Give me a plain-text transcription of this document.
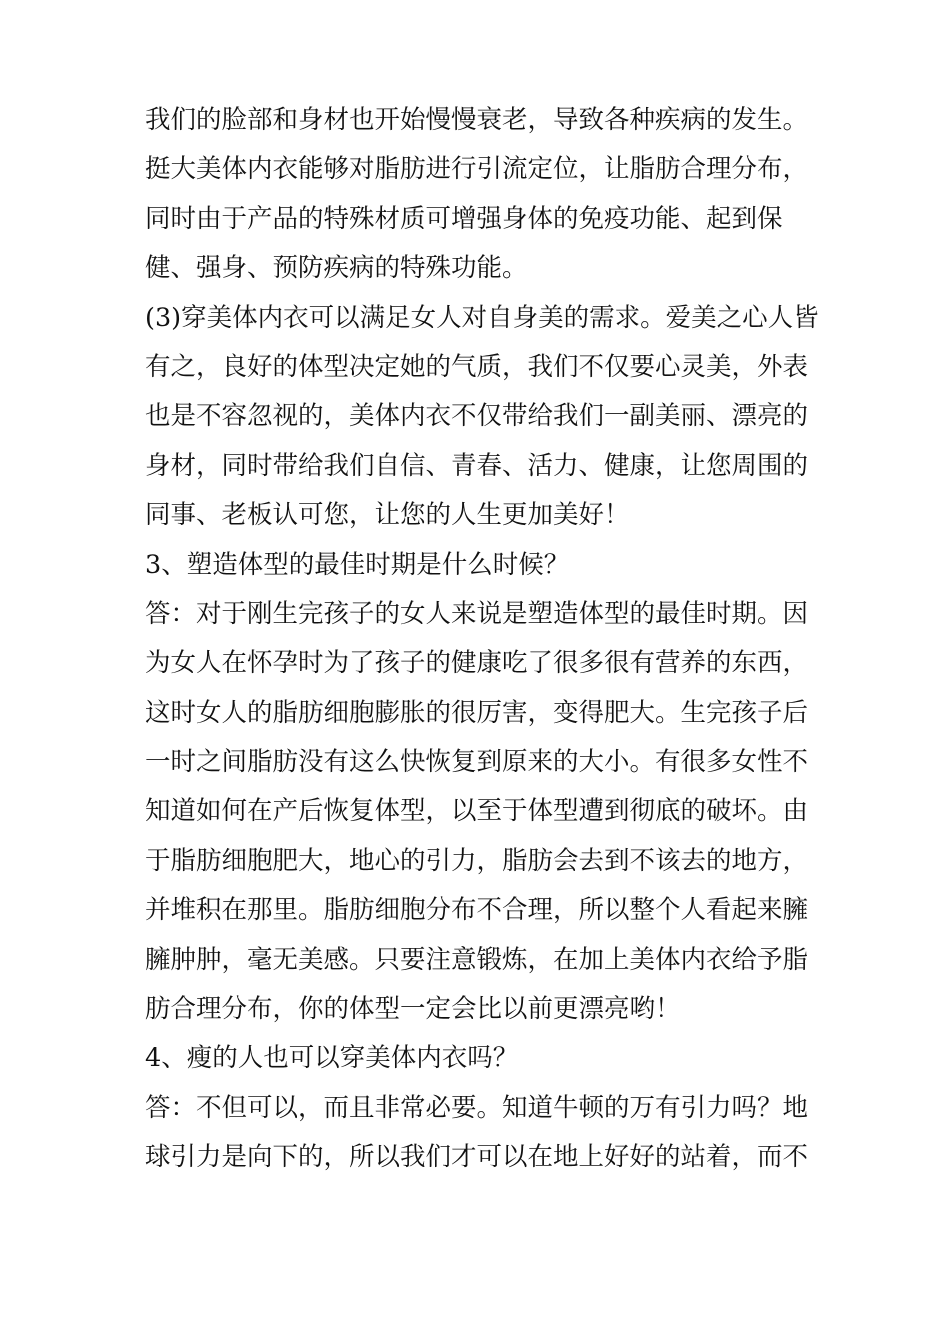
我们的脸部和身材也开始慢慢衰老，导致各种疾病的发生。
挺大美体内衣能够对脂肪进行引流定位，让脂肪合理分布，
同时由于产品的特殊材质可增强身体的免疫功能、起到保
健、强身、预防疾病的特殊功能。
(3)穿美体内衣可以满足女人对自身美的需求。爱美之心人皆
有之，良好的体型决定她的气质，我们不仅要心灵美，外表
也是不容忽视的，美体内衣不仅带给我们一副美丽、漂亮的
身材，同时带给我们自信、青春、活力、健康，让您周围的
同事、老板认可您，让您的人生更加美好！
3、塑造体型的最佳时期是什么时候？
答：对于刚生完孩子的女人来说是塑造体型的最佳时期。因
为女人在怀孕时为了孩子的健康吃了很多很有营养的东西，
这时女人的脂肪细胞膨胀的很厉害，变得肥大。生完孩子后
一时之间脂肪没有这么快恢复到原来的大小。有很多女性不
知道如何在产后恢复体型，以至于体型遭到彻底的破坏。由
于脂肪细胞肥大，地心的引力，脂肪会去到不该去的地方，
并堆积在那里。脂肪细胞分布不合理，所以整个人看起来臃
臃肿肿，毫无美感。只要注意锻炼，在加上美体内衣给予脂
肪合理分布，你的体型一定会比以前更漂亮哟！
4、瘦的人也可以穿美体内衣吗？
答：不但可以，而且非常必要。知道牛顿的万有引力吗？地
球引力是向下的，所以我们才可以在地上好好的站着，而不
